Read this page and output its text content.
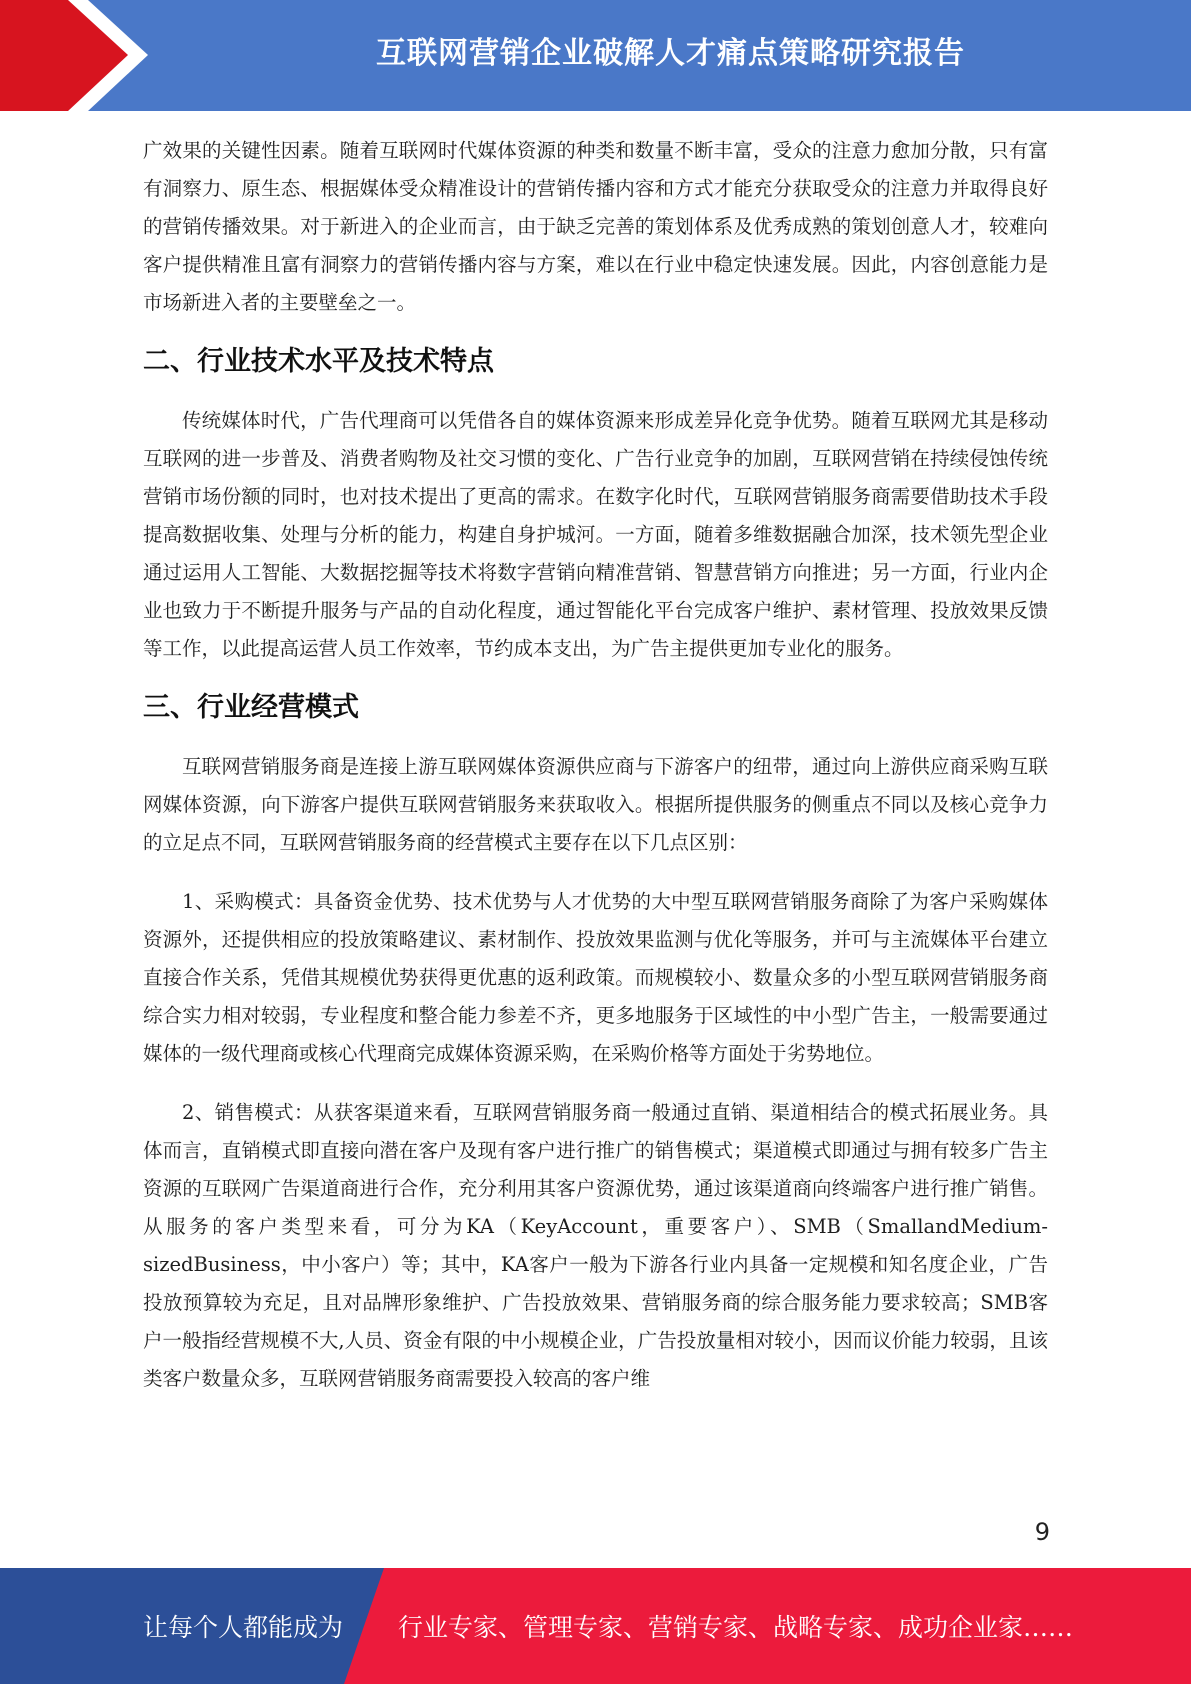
互联网营销企业破解人才痛点策略研究报告

广效果的关键性因素。随着互联网时代媒体资源的种类和数量不断丰富，受众的注意力愈加分散，只有富有洞察力、原生态、根据媒体受众精准设计的营销传播内容和方式才能充分获取受众的注意力并取得良好的营销传播效果。对于新进入的企业而言，由于缺乏完善的策划体系及优秀成熟的策划创意人才，较难向客户提供精准且富有洞察力的营销传播内容与方案，难以在行业中稳定快速发展。因此，内容创意能力是市场新进入者的主要壁垒之一。

二、行业技术水平及技术特点

传统媒体时代，广告代理商可以凭借各自的媒体资源来形成差异化竞争优势。随着互联网尤其是移动互联网的进一步普及、消费者购物及社交习惯的变化、广告行业竞争的加剧，互联网营销在持续侵蚀传统营销市场份额的同时，也对技术提出了更高的需求。在数字化时代，互联网营销服务商需要借助技术手段提高数据收集、处理与分析的能力，构建自身护城河。一方面，随着多维数据融合加深，技术领先型企业通过运用人工智能、大数据挖掘等技术将数字营销向精准营销、智慧营销方向推进；另一方面，行业内企业也致力于不断提升服务与产品的自动化程度，通过智能化平台完成客户维护、素材管理、投放效果反馈等工作，以此提高运营人员工作效率，节约成本支出，为广告主提供更加专业化的服务。

三、行业经营模式

互联网营销服务商是连接上游互联网媒体资源供应商与下游客户的纽带，通过向上游供应商采购互联网媒体资源，向下游客户提供互联网营销服务来获取收入。根据所提供服务的侧重点不同以及核心竞争力的立足点不同，互联网营销服务商的经营模式主要存在以下几点区别：

1、采购模式：具备资金优势、技术优势与人才优势的大中型互联网营销服务商除了为客户采购媒体资源外，还提供相应的投放策略建议、素材制作、投放效果监测与优化等服务，并可与主流媒体平台建立直接合作关系，凭借其规模优势获得更优惠的返利政策。而规模较小、数量众多的小型互联网营销服务商综合实力相对较弱，专业程度和整合能力参差不齐，更多地服务于区域性的中小型广告主，一般需要通过媒体的一级代理商或核心代理商完成媒体资源采购，在采购价格等方面处于劣势地位。

2、销售模式：从获客渠道来看，互联网营销服务商一般通过直销、渠道相结合的模式拓展业务。具体而言，直销模式即直接向潜在客户及现有客户进行推广的销售模式；渠道模式即通过与拥有较多广告主资源的互联网广告渠道商进行合作，充分利用其客户资源优势，通过该渠道商向终端客户进行推广销售。从服务的客户类型来看，可分为KA（KeyAccount，重要客户）、SMB（SmallandMedium-sizedBusiness，中小客户）等；其中，KA客户一般为下游各行业内具备一定规模和知名度企业，广告投放预算较为充足，且对品牌形象维护、广告投放效果、营销服务商的综合服务能力要求较高；SMB客户一般指经营规模不大,人员、资金有限的中小规模企业，广告投放量相对较小，因而议价能力较弱，且该类客户数量众多，互联网营销服务商需要投入较高的客户维

9
让每个人都能成为 行业专家、管理专家、营销专家、战略专家、成功企业家……
